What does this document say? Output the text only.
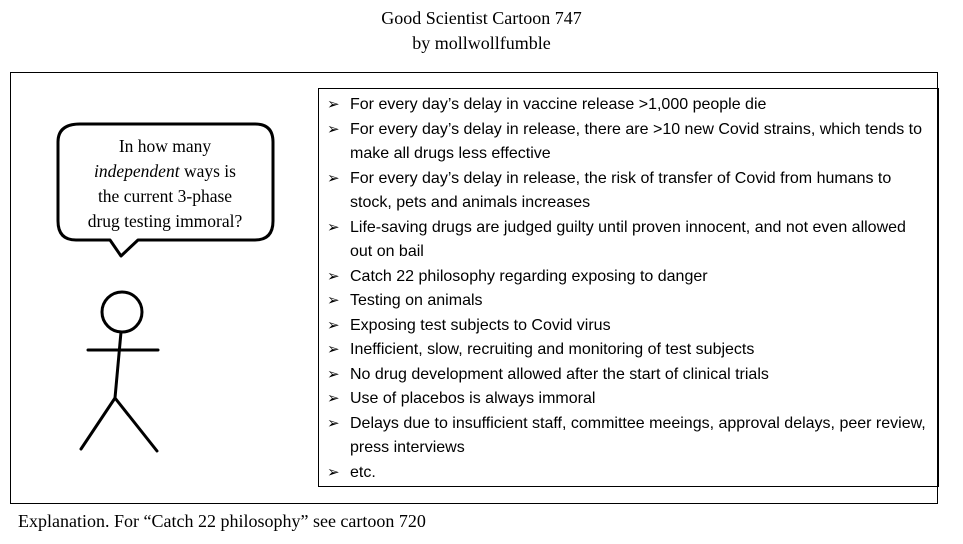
Good Scientist Cartoon 747
by mollwollfumble
In how many
independent ways is
the current 3-phase
drug testing immoral?
➢ For every day’s delay in vaccine release >1,000 people die
➢ For every day’s delay in release, there are >10 new Covid strains, which tends to make all drugs less effective
➢ For every day’s delay in release, the risk of transfer of Covid from humans to stock, pets and animals increases
➢ Life-saving drugs are judged guilty until proven innocent, and not even allowed out on bail
➢ Catch 22 philosophy regarding exposing to danger
➢ Testing on animals
➢ Exposing test subjects to Covid virus
➢ Inefficient, slow, recruiting and monitoring of test subjects
➢ No drug development allowed after the start of clinical trials
➢ Use of placebos is always immoral
➢ Delays due to insufficient staff, committee meeings, approval delays, peer review, press interviews
➢ etc.
Explanation. For “Catch 22 philosophy” see cartoon 720
